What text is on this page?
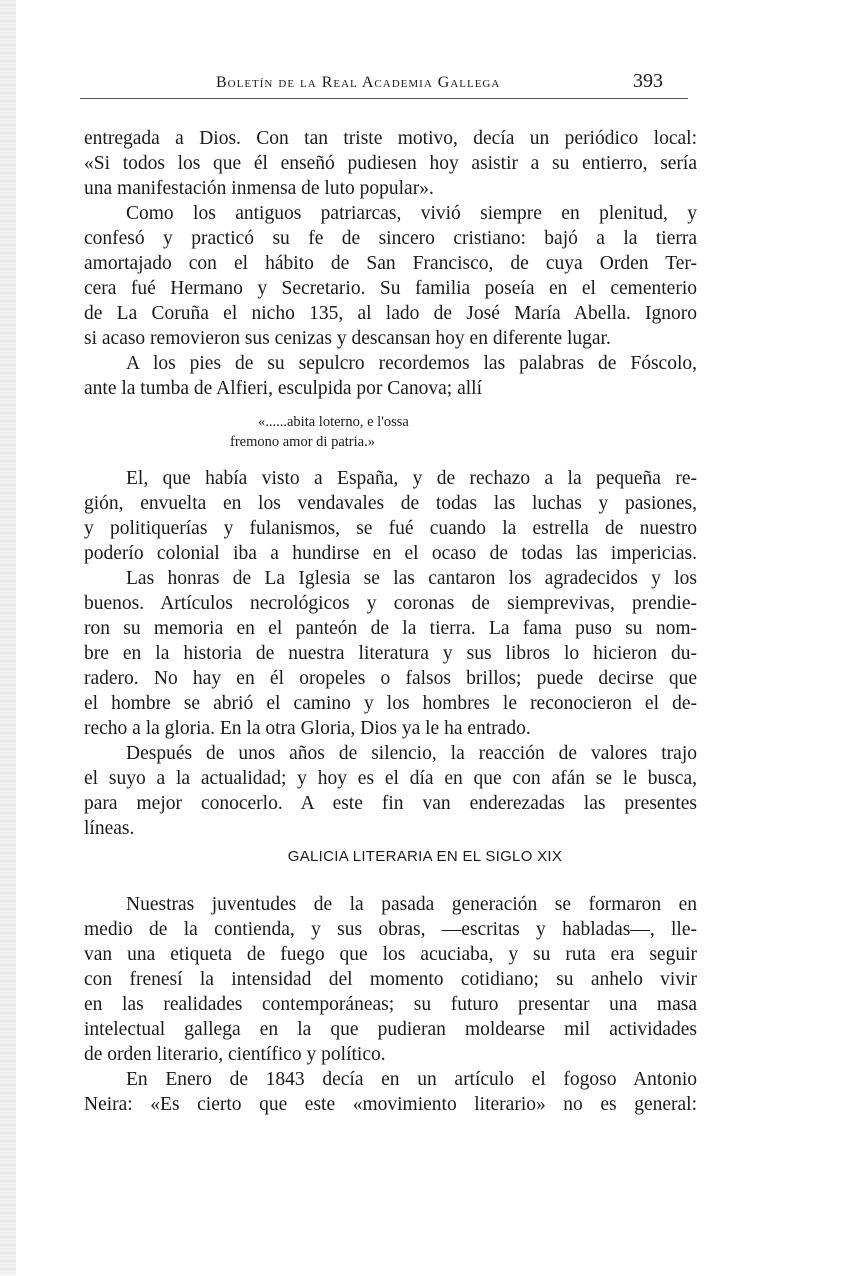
Boletín de la Real Academia Gallega	393
entregada a Dios. Con tan triste motivo, decía un periódico local:
«Si todos los que él enseñó pudiesen hoy asistir a su entierro, sería
una manifestación inmensa de luto popular».
Como los antiguos patriarcas, vivió siempre en plenitud, y
confesó y practicó su fe de sincero cristiano: bajó a la tierra
amortajado con el hábito de San Francisco, de cuya Orden Ter-
cera fué Hermano y Secretario. Su familia poseía en el cementerio
de La Coruña el nicho 135, al lado de José María Abella. Ignoro
si acaso removieron sus cenizas y descansan hoy en diferente lugar.
A los pies de su sepulcro recordemos las palabras de Fóscolo,
ante la tumba de Alfieri, esculpida por Canova; allí
«......abita loterno, e l'ossa
fremono amor di patria.»
El, que había visto a España, y de rechazo a la pequeña re-
gión, envuelta en los vendavales de todas las luchas y pasiones,
y politiquerías y fulanismos, se fué cuando la estrella de nuestro
poderío colonial iba a hundirse en el ocaso de todas las impericias.
Las honras de La Iglesia se las cantaron los agradecidos y los
buenos. Artículos necrológicos y coronas de siemprevivas, prendie-
ron su memoria en el panteón de la tierra. La fama puso su nom-
bre en la historia de nuestra literatura y sus libros lo hicieron du-
radero. No hay en él oropeles o falsos brillos; puede decirse que
el hombre se abrió el camino y los hombres le reconocieron el de-
recho a la gloria. En la otra Gloria, Dios ya le ha entrado.
Después de unos años de silencio, la reacción de valores trajo
el suyo a la actualidad; y hoy es el día en que con afán se le busca,
para mejor conocerlo. A este fin van enderezadas las presentes
líneas.
GALICIA LITERARIA EN EL SIGLO XIX
Nuestras juventudes de la pasada generación se formaron en
medio de la contienda, y sus obras, —escritas y habladas—, lle-
van una etiqueta de fuego que los acuciaba, y su ruta era seguir
con frenesí la intensidad del momento cotidiano; su anhelo vivir
en las realidades contemporáneas; su futuro presentar una masa
intelectual gallega en la que pudieran moldearse mil actividades
de orden literario, científico y político.
En Enero de 1843 decía en un artículo el fogoso Antonio
Neira: «Es cierto que este «movimiento literario» no es general:
